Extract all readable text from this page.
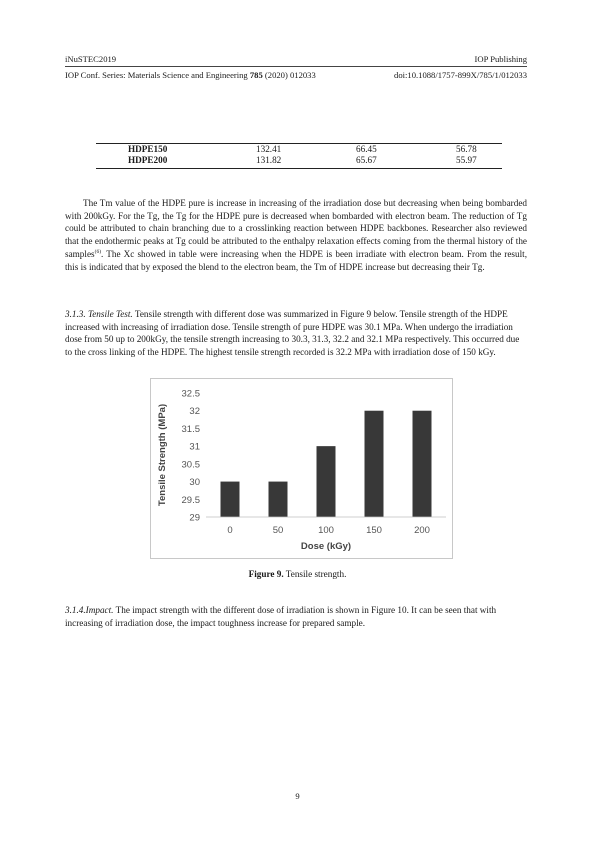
iNuSTEC2019	IOP Publishing
IOP Conf. Series: Materials Science and Engineering 785 (2020) 012033	doi:10.1088/1757-899X/785/1/012033
HDPE150	132.41	66.45	56.78
HDPE200	131.82	65.67	55.97
The Tm value of the HDPE pure is increase in increasing of the irradiation dose but decreasing when being bombarded with 200kGy. For the Tg, the Tg for the HDPE pure is decreased when bombarded with electron beam. The reduction of Tg could be attributed to chain branching due to a crosslinking reaction between HDPE backbones. Researcher also reviewed that the endothermic peaks at Tg could be attributed to the enthalpy relaxation effects coming from the thermal history of the samples$^{(6)}$. The Xc showed in table were increasing when the HDPE is been irradiate with electron beam. From the result, this is indicated that by exposed the blend to the electron beam, the Tm of HDPE increase but decreasing their Tg.
3.1.3. Tensile Test. Tensile strength with different dose was summarized in Figure 9 below. Tensile strength of the HDPE increased with increasing of irradiation dose. Tensile strength of pure HDPE was 30.1 MPa. When undergo the irradiation dose from 50 up to 200kGy, the tensile strength increasing to 30.3, 31.3, 32.2 and 32.1 MPa respectively. This occurred due to the cross linking of the HDPE. The highest tensile strength recorded is 32.2 MPa with irradiation dose of 150 kGy.
29
29.5
30
30.5
31
31.5
32
32.5
0	50	100	150	200
Dose (kGy)
Tensile Strength (MPa)
Figure 9. Tensile strength.
3.1.4.Impact. The impact strength with the different dose of irradiation is shown in Figure 10. It can be seen that with increasing of irradiation dose, the impact toughness increase for prepared sample.
9
